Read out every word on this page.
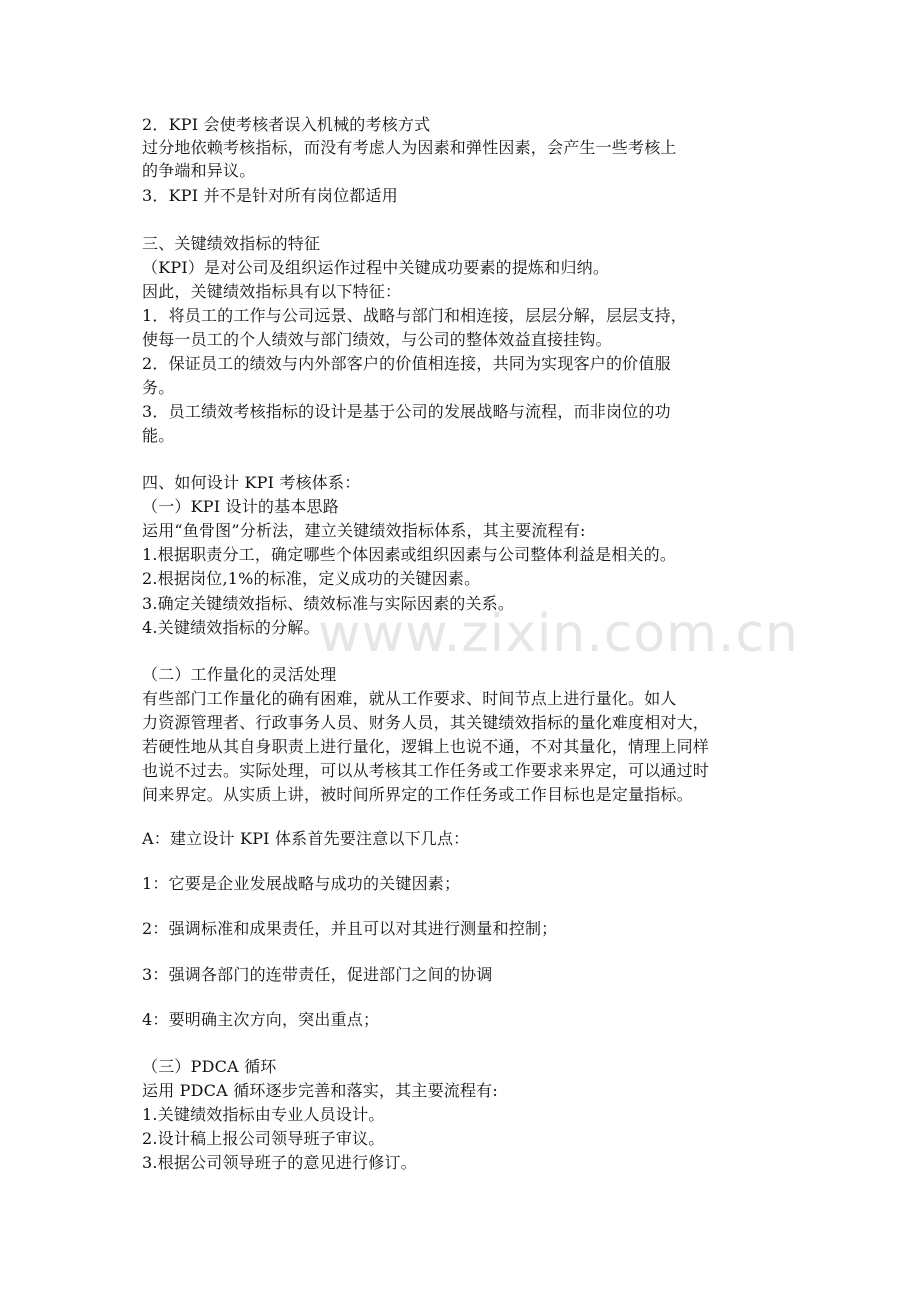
www.zixin.com.cn
2．KPI 会使考核者误入机械的考核方式
过分地依赖考核指标，而没有考虑人为因素和弹性因素，会产生一些考核上
的争端和异议。
3．KPI 并不是针对所有岗位都适用
三、关键绩效指标的特征
（KPI）是对公司及组织运作过程中关键成功要素的提炼和归纳。
因此，关键绩效指标具有以下特征：
1．将员工的工作与公司远景、战略与部门和相连接，层层分解，层层支持，
使每一员工的个人绩效与部门绩效，与公司的整体效益直接挂钩。
2．保证员工的绩效与内外部客户的价值相连接，共同为实现客户的价值服
务。
3．员工绩效考核指标的设计是基于公司的发展战略与流程，而非岗位的功
能。
四、如何设计 KPI 考核体系：
（一）KPI 设计的基本思路
运用“鱼骨图”分析法，建立关键绩效指标体系，其主要流程有:
1.根据职责分工，确定哪些个体因素或组织因素与公司整体利益是相关的。
2.根据岗位,1%的标准，定义成功的关键因素。
3.确定关键绩效指标、绩效标准与实际因素的关系。
4.关键绩效指标的分解。
（二）工作量化的灵活处理
有些部门工作量化的确有困难，就从工作要求、时间节点上进行量化。如人
力资源管理者、行政事务人员、财务人员，其关键绩效指标的量化难度相对大，
若硬性地从其自身职责上进行量化，逻辑上也说不通，不对其量化，情理上同样
也说不过去。实际处理，可以从考核其工作任务或工作要求来界定，可以通过时
间来界定。从实质上讲，被时间所界定的工作任务或工作目标也是定量指标。
A：建立设计 KPI 体系首先要注意以下几点：
1：它要是企业发展战略与成功的关键因素；
2：强调标准和成果责任，并且可以对其进行测量和控制；
3：强调各部门的连带责任，促进部门之间的协调
4：要明确主次方向，突出重点；
（三）PDCA 循环
运用 PDCA 循环逐步完善和落实，其主要流程有:
1.关键绩效指标由专业人员设计。
2.设计稿上报公司领导班子审议。
3.根据公司领导班子的意见进行修订。
